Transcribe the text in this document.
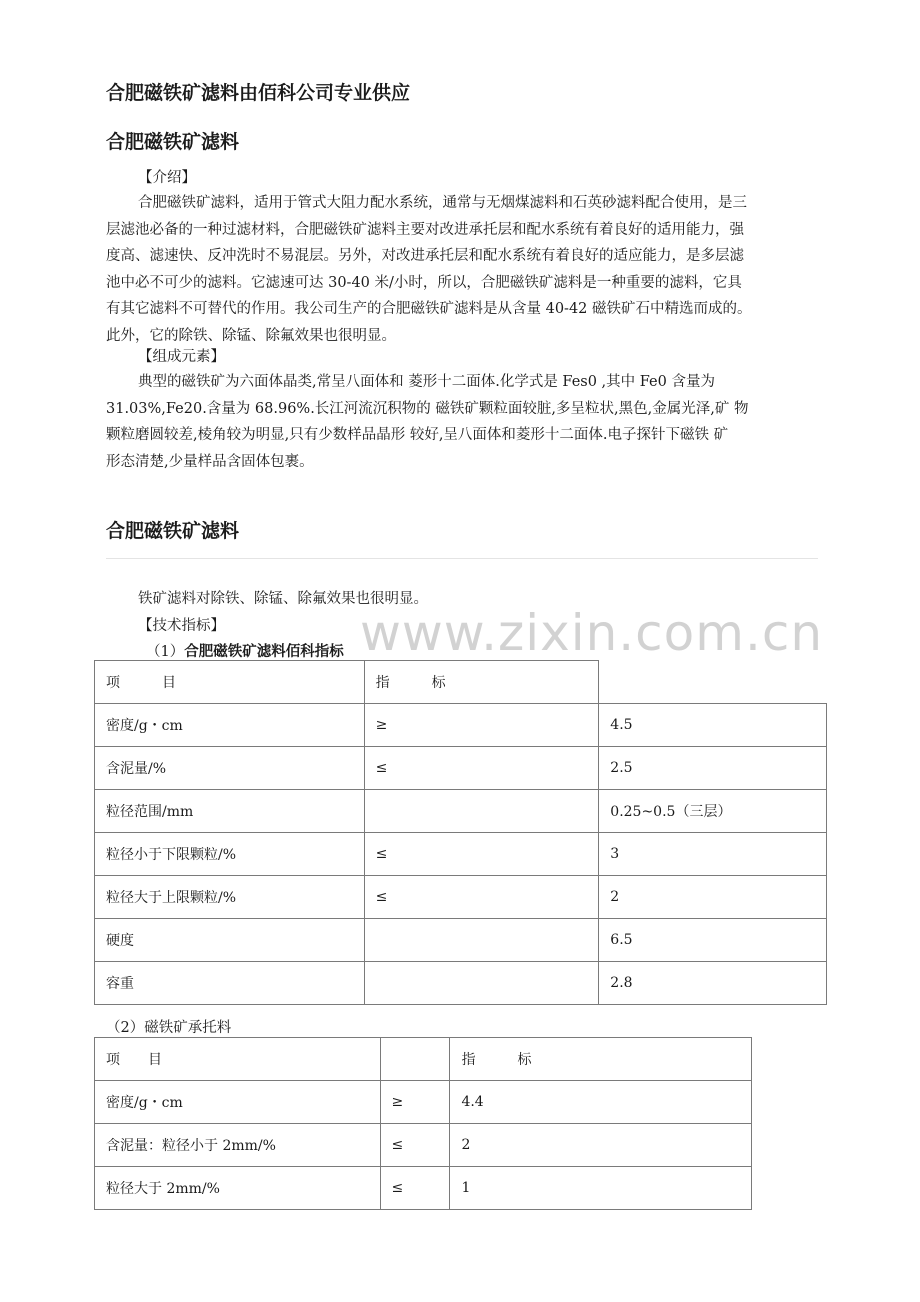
合肥磁铁矿滤料由佰科公司专业供应
合肥磁铁矿滤料
【介绍】
合肥磁铁矿滤料，适用于管式大阻力配水系统，通常与无烟煤滤料和石英砂滤料配合使用，是三
层滤池必备的一种过滤材料，合肥磁铁矿滤料主要对改进承托层和配水系统有着良好的适用能力，强
度高、滤速快、反冲洗时不易混层。另外，对改进承托层和配水系统有着良好的适应能力，是多层滤
池中必不可少的滤料。它滤速可达 30-40 米/小时，所以，合肥磁铁矿滤料是一种重要的滤料，它具
有其它滤料不可替代的作用。我公司生产的合肥磁铁矿滤料是从含量 40-42 磁铁矿石中精选而成的。
此外，它的除铁、除锰、除氟效果也很明显。
【组成元素】
典型的磁铁矿为六面体晶类,常呈八面体和 菱形十二面体.化学式是 Fes0 ,其中 Fe0 含量为
31.03%,Fe20.含量为 68.96%.长江河流沉积物的 磁铁矿颗粒面较脏,多呈粒状,黑色,金属光泽,矿 物
颗粒磨圆较差,棱角较为明显,只有少数样品晶形 较好,呈八面体和菱形十二面体.电子探针下磁铁 矿
形态清楚,少量样品含固体包裹。
合肥磁铁矿滤料
铁矿滤料对除铁、除锰、除氟效果也很明显。
【技术指标】
（1）合肥磁铁矿滤料佰科指标 www.zixin.com.cn
项　　　目	指　　　标	
密度/g・cm	≥	4.5
含泥量/%	≤	2.5
粒径范围/mm		0.25~0.5（三层）
粒径小于下限颗粒/%	≤	3
粒径大于上限颗粒/%	≤	2
硬度		6.5
容重		2.8
（2）磁铁矿承托料
项　　目		指　　　标
密度/g・cm	≥	4.4
含泥量：粒径小于 2mm/%	≤	2
粒径大于 2mm/%	≤	1
